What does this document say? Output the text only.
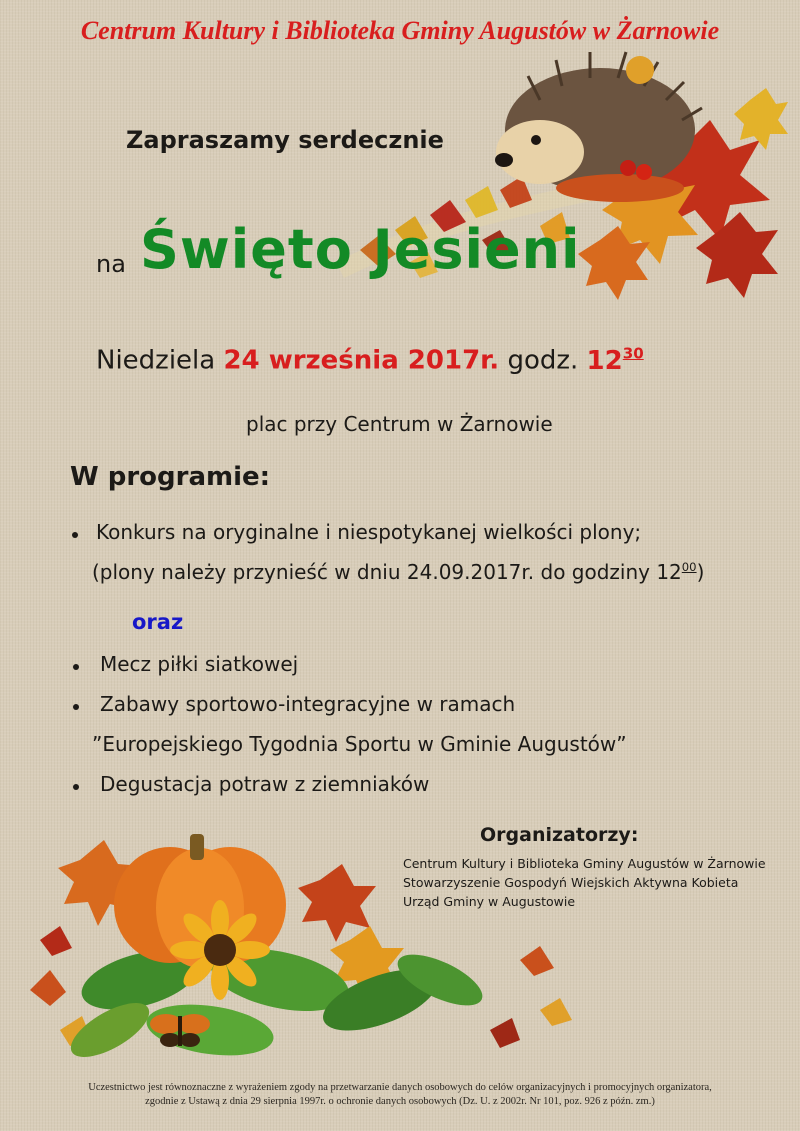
Centrum Kultury i Biblioteka Gminy Augustów w Żarnowie
Zapraszamy serdecznie
na Święto Jesieni
Niedziela 24 września 2017r. godz. $12^{30}$
plac przy Centrum w Żarnowie
W programie:
Konkurs na oryginalne i niespotykanej wielkości plony;
(plony należy przynieść w dniu 24.09.2017r. do godziny $12^{00}$)
oraz
Mecz piłki siatkowej
Zabawy sportowo-integracyjne w ramach
”Europejskiego Tygodnia Sportu w Gminie Augustów”
Degustacja potraw z ziemniaków
Organizatorzy:
Centrum Kultury i Biblioteka Gminy Augustów w Żarnowie
Stowarzyszenie Gospodyń Wiejskich Aktywna Kobieta
Urząd Gminy w Augustowie
Uczestnictwo jest równoznaczne z wyrażeniem zgody na przetwarzanie danych osobowych do celów organizacyjnych i promocyjnych organizatora,
zgodnie z Ustawą z dnia 29 sierpnia 1997r. o ochronie danych osobowych (Dz. U. z 2002r. Nr 101, poz. 926 z późn. zm.)
